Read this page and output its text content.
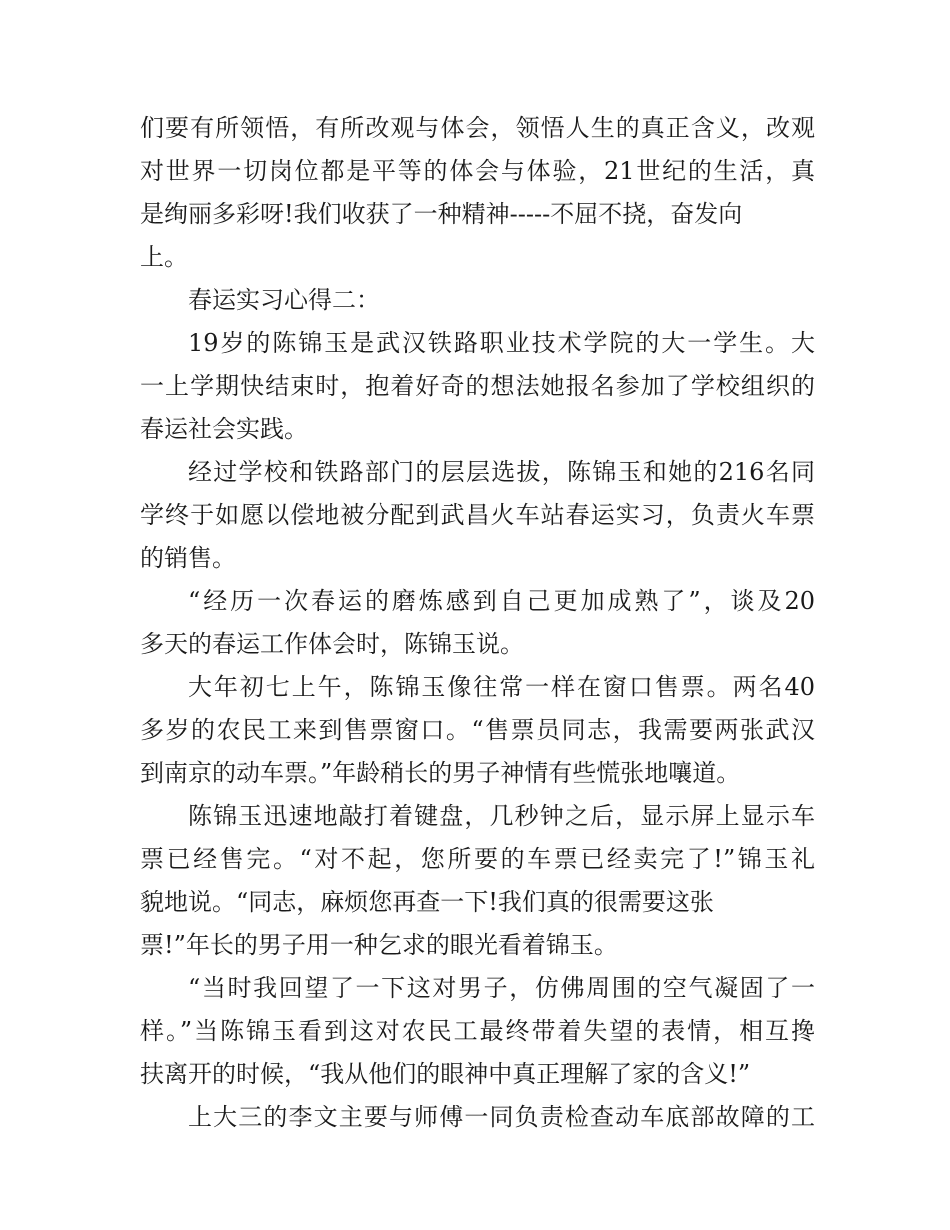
们要有所领悟，有所改观与体会，领悟人生的真正含义，改观
对世界一切岗位都是平等的体会与体验，21世纪的生活，真
是绚丽多彩呀!我们收获了一种精神-----不屈不挠，奋发向
上。
春运实习心得二：
19岁的陈锦玉是武汉铁路职业技术学院的大一学生。大
一上学期快结束时，抱着好奇的想法她报名参加了学校组织的
春运社会实践。
经过学校和铁路部门的层层选拔，陈锦玉和她的216名同
学终于如愿以偿地被分配到武昌火车站春运实习，负责火车票
的销售。
“经历一次春运的磨炼感到自己更加成熟了”，谈及20
多天的春运工作体会时，陈锦玉说。
大年初七上午，陈锦玉像往常一样在窗口售票。两名40
多岁的农民工来到售票窗口。“售票员同志，我需要两张武汉
到南京的动车票。”年龄稍长的男子神情有些慌张地嚷道。
陈锦玉迅速地敲打着键盘，几秒钟之后，显示屏上显示车
票已经售完。“对不起，您所要的车票已经卖完了!”锦玉礼
貌地说。“同志，麻烦您再查一下!我们真的很需要这张
票!”年长的男子用一种乞求的眼光看着锦玉。
“当时我回望了一下这对男子，仿佛周围的空气凝固了一
样。”当陈锦玉看到这对农民工最终带着失望的表情，相互搀
扶离开的时候，“我从他们的眼神中真正理解了家的含义!”
上大三的李文主要与师傅一同负责检查动车底部故障的工
